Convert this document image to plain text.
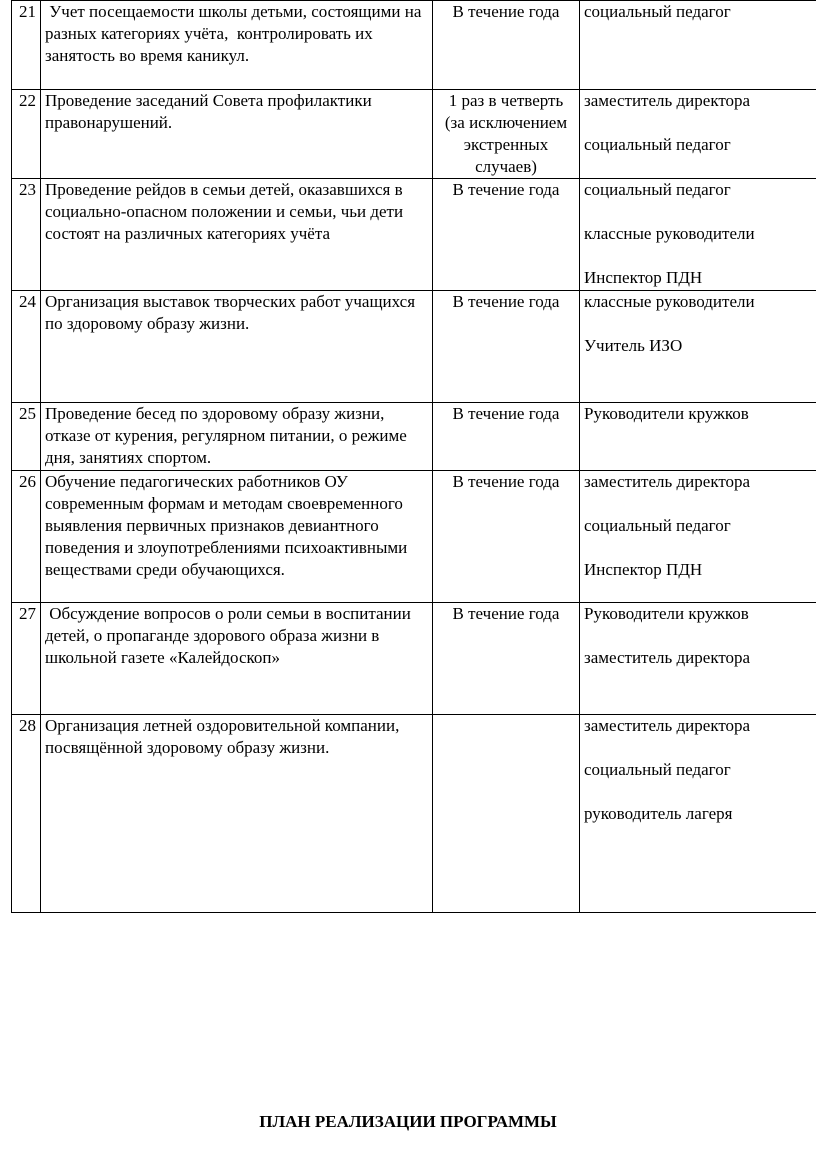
21	Учет посещаемости школы детьми, состоящими на разных категориях учёта,  контролировать их занятость во время каникул.	В течение года	социальный педагог

22	Проведение заседаний Совета профилактики правонарушений.	1 раз в четверть (за исключением экстренных случаев)	заместитель директора
социальный педагог

23	Проведение рейдов в семьи детей, оказавшихся в социально-опасном положении и семьи, чьи дети состоят на различных категориях учёта	В течение года	социальный педагог
классные руководители
Инспектор ПДН

24	Организация выставок творческих работ учащихся по здоровому образу жизни.	В течение года	классные руководители
Учитель ИЗО

25	Проведение бесед по здоровому образу жизни, отказе от курения, регулярном питании, о режиме дня, занятиях спортом.	В течение года	Руководители кружков

26	Обучение педагогических работников ОУ современным формам и методам своевременного выявления первичных признаков девиантного поведения и злоупотреблениями психоактивными веществами среди обучающихся.	В течение года	заместитель директора
социальный педагог
Инспектор ПДН

27	Обсуждение вопросов о роли семьи в воспитании детей, о пропаганде здорового образа жизни в школьной газете «Калейдоскоп»	В течение года	Руководители кружков
заместитель директора

28	Организация летней оздоровительной компании, посвящённой здоровому образу жизни.		заместитель директора
социальный педагог
руководитель лагеря
ПЛАН РЕАЛИЗАЦИИ ПРОГРАММЫ
